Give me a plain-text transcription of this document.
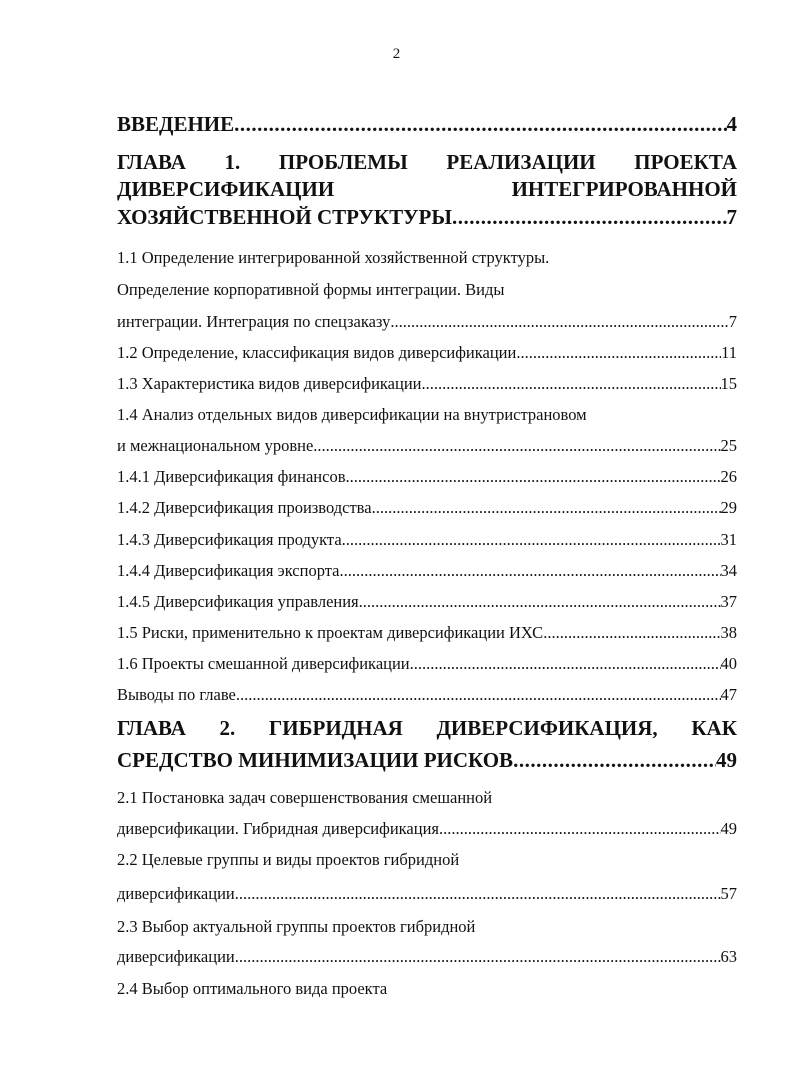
2
ВВЕДЕНИЕ .....	4
ГЛАВА 1. ПРОБЛЕМЫ РЕАЛИЗАЦИИ ПРОЕКТА
ДИВЕРСИФИКАЦИИ	ИНТЕГРИРОВАННОЙ
ХОЗЯЙСТВЕННОЙ СТРУКТУРЫ .....	7
1.1 Определение интегрированной хозяйственной структуры.
Определение корпоративной формы интеграции. Виды
интеграции. Интеграция по спецзаказу .....	7
1.2 Определение, классификация видов диверсификации .....	11
1.3 Характеристика видов диверсификации .....	15
1.4 Анализ отдельных видов диверсификации на внутристрановом
и межнациональном уровне .....	25
1.4.1 Диверсификация финансов .....	26
1.4.2 Диверсификация производства .....	29
1.4.3 Диверсификация продукта .....	31
1.4.4 Диверсификация экспорта .....	34
1.4.5 Диверсификация управления .....	37
1.5 Риски, применительно к проектам диверсификации ИХС .....	38
1.6 Проекты смешанной диверсификации .....	40
Выводы по главе .....	47
ГЛАВА 2. ГИБРИДНАЯ ДИВЕРСИФИКАЦИЯ, КАК
СРЕДСТВО МИНИМИЗАЦИИ РИСКОВ .....	49
2.1 Постановка задач совершенствования смешанной
диверсификации. Гибридная диверсификация .....	49
2.2 Целевые группы и виды проектов гибридной
диверсификации .....	57
2.3 Выбор актуальной группы проектов гибридной
диверсификации .....	63
2.4 Выбор оптимального вида проекта
